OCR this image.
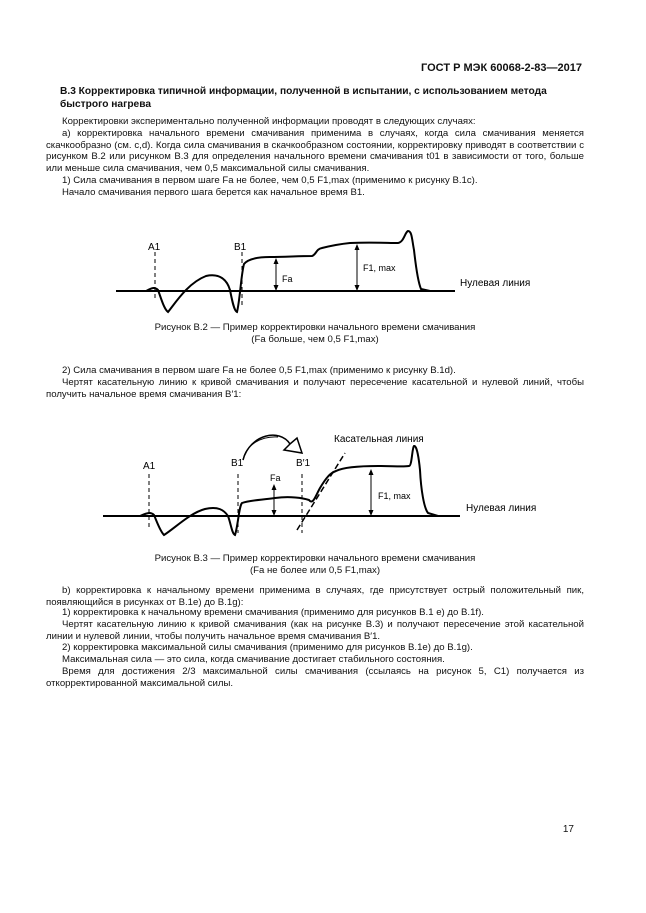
ГОСТ Р МЭК 60068-2-83—2017
В.3 Корректировка типичной информации, полученной в испытании, с использованием метода быстрого нагрева

Корректировки экспериментально полученной информации проводят в следующих случаях:

а) корректировка начального времени смачивания применима в случаях, когда сила смачивания меняется скачкообразно (см. с,d). Когда сила смачивания в скачкообразном состоянии, корректировку приводят в соответствии с рисунком В.2 или рисунком В.3 для определения начального времени смачивания t01 в зависимости от того, больше или меньше сила смачивания, чем 0,5 максимальной силы смачивания.

1) Сила смачивания в первом шаге Fa не более, чем 0,5 F1,max (применимо к рисунку В.1с).

Начало смачивания первого шага берется как начальное время B1.

A1	B1
Fa
F1, max
Нулевая линия
Касательная линия
A1	B1	B′1
Fa
F1, max
Нулевая линия
Рисунок В.2 — Пример корректировки начального времени смачивания
(Fa больше, чем 0,5 F1,max)

2) Сила смачивания в первом шаге Fa не более 0,5 F1,max (применимо к рисунку В.1d).

Чертят касательную линию к кривой смачивания и получают пересечение касательной и нулевой линий, чтобы получить начальное время смачивания B′1:

Рисунок В.3 — Пример корректировки начального времени смачивания
(Fa не более или 0,5 F1,max)

b) корректировка к начальному времени применима в случаях, где присутствует острый положительный пик, появляющийся в рисунках от В.1е) до В.1g):

1) корректировка к начальному времени смачивания (применимо для рисунков В.1 е) до В.1f).

Чертят касательную линию к кривой смачивания (как на рисунке В.3) и получают пересечение этой касательной линии и нулевой линии, чтобы получить начальное время смачивания B′1.

2) корректировка максимальной силы смачивания (применимо для рисунков В.1е) до В.1g).

Максимальная сила — это сила, когда смачивание достигает стабильного состояния.

Время для достижения 2/3 максимальной силы смачивания (ссылаясь на рисунок 5, С1) получается из откорректированной максимальной силы.

17
